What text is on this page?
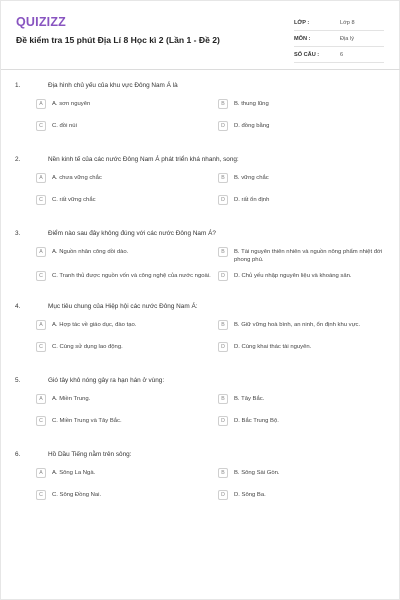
QUIZIZZ
Đề kiểm tra 15 phút Địa Lí 8 Học kì 2 (Lần 1 - Đề 2)
LỚP :	Lớp 8
MÔN :	Địa lý
SỐ CÂU :	6
1.	Địa hình chủ yếu của khu vực Đông Nam Á là
A	A. sơn nguyên	B	B. thung lũng
C	C. đồi núi	D	D. đồng bằng
2.	Nền kinh tế của các nước Đông Nam Á phát triển khá nhanh, song:
A	A. chưa vững chắc	B	B. vững chắc
C	C. rất vững chắc	D	D. rất ổn định
3.	Điểm nào sau đây không đúng với các nước Đông Nam Á?
A	A. Nguồn nhân công dồi dào.	B	B. Tài nguyên thiên nhiên và nguồn nông phẩm nhiệt đới phong phú.
C	C. Tranh thủ được nguồn vốn và công nghệ của nước ngoài.	D	D. Chủ yếu nhập nguyên liệu và khoáng sản.
4.	Mục tiêu chung của Hiệp hội các nước Đông Nam Á:
A	A. Hợp tác về giáo dục, đào tạo.	B	B. Giữ vững hoà bình, an ninh, ổn định khu vực.
C	C. Cùng sử dụng lao động.	D	D. Cùng khai thác tài nguyên.
5.	Gió tây khô nóng gây ra hạn hán ở vùng:
A	A. Miền Trung.	B	B. Tây Bắc.
C	C. Miền Trung và Tây Bắc.	D	D. Bắc Trung Bộ.
6.	Hồ Dầu Tiếng nằm trên sông:
A	A. Sông La Ngà.	B	B. Sông Sài Gòn.
C	C. Sông Đồng Nai.	D	D. Sông Ba.
